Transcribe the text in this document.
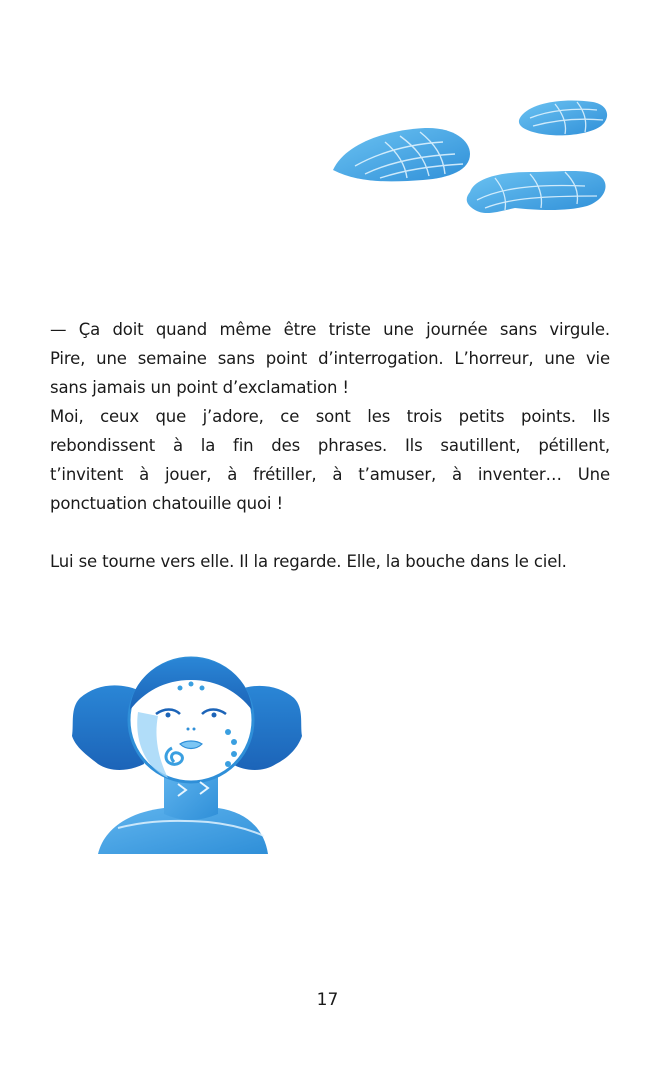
— Ça doit quand même être triste une journée sans virgule.
Pire, une semaine sans point d’interrogation. L’horreur, une vie
sans jamais un point d’exclamation !

Moi, ceux que j’adore, ce sont les trois petits points. Ils
rebondissent à la fin des phrases. Ils sautillent, pétillent,
t’invitent à jouer, à frétiller, à t’amuser, à inventer… Une
ponctuation chatouille quoi !

Lui se tourne vers elle. Il la regarde. Elle, la bouche dans le ciel.

17
